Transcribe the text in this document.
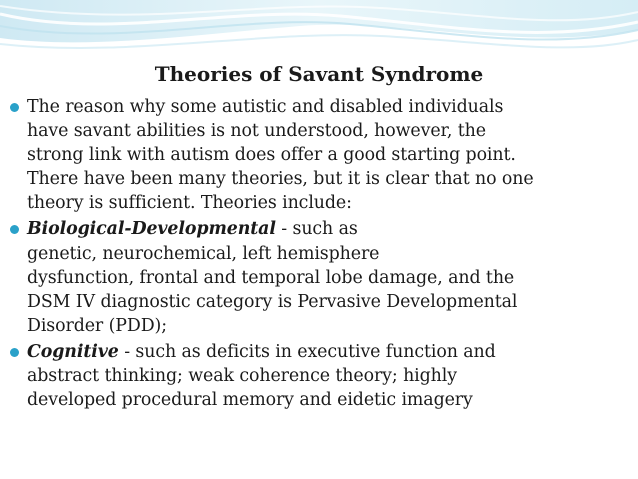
Theories of Savant Syndrome
The reason why some autistic and disabled individuals
have savant abilities is not understood, however, the
strong link with autism does offer a good starting point.
There have been many theories, but it is clear that no one
theory is sufficient. Theories include:
Biological-Developmental - such as
genetic, neurochemical, left hemisphere
dysfunction, frontal and temporal lobe damage, and the
DSM IV diagnostic category is Pervasive Developmental
Disorder (PDD);
Cognitive - such as deficits in executive function and
abstract thinking; weak coherence theory; highly
developed procedural memory and eidetic imagery
